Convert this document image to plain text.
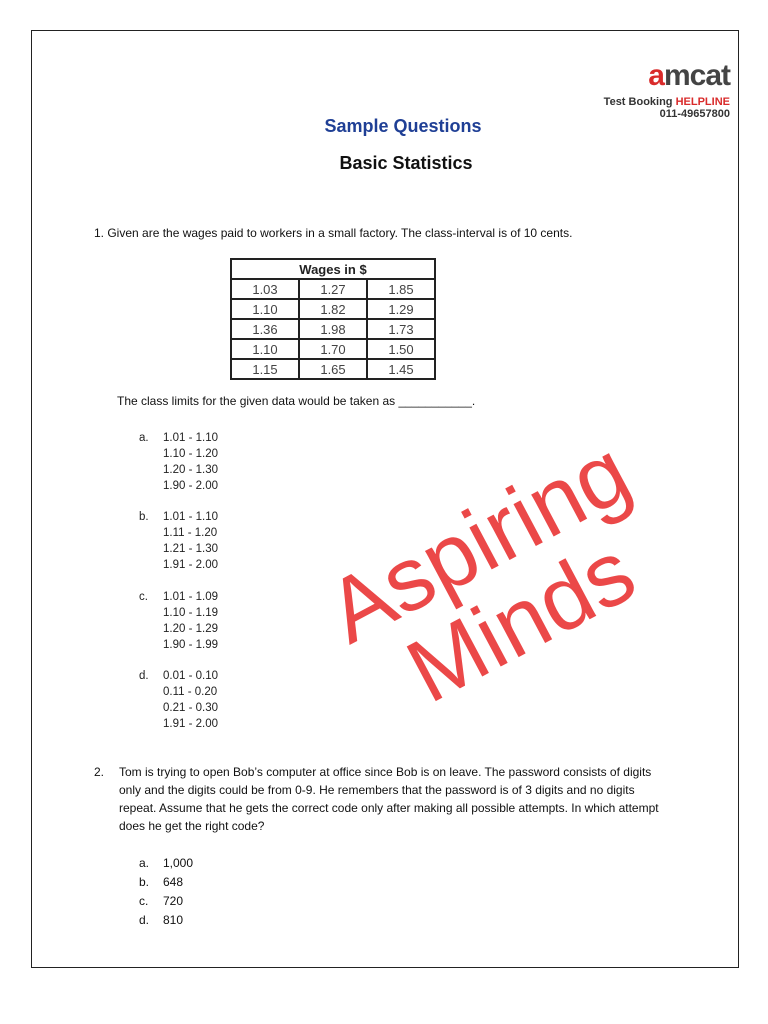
amcat
Test Booking HELPLINE
011-49657800
Sample Questions
Basic Statistics
1. Given are the wages paid to workers in a small factory. The class-interval is of 10 cents.
Wages in $		
1.03	1.27	1.85
1.10	1.82	1.29
1.36	1.98	1.73
1.10	1.70	1.50
1.15	1.65	1.45
The class limits for the given data would be taken as ___________.
a. 1.01 - 1.10
1.10 - 1.20
1.20 - 1.30
1.90 - 2.00
b. 1.01 - 1.10
1.11 - 1.20
1.21 - 1.30
1.91 - 2.00
c. 1.01 - 1.09
1.10 - 1.19
1.20 - 1.29
1.90 - 1.99
d. 0.01 - 0.10
0.11 - 0.20
0.21 - 0.30
1.91 - 2.00
2. Tom is trying to open Bob’s computer at office since Bob is on leave. The password consists of digits
only and the digits could be from 0-9. He remembers that the password is of 3 digits and no digits
repeat. Assume that he gets the correct code only after making all possible attempts. In which attempt
does he get the right code?
a. 1,000
b. 648
c. 720
d. 810
Aspiring Minds
